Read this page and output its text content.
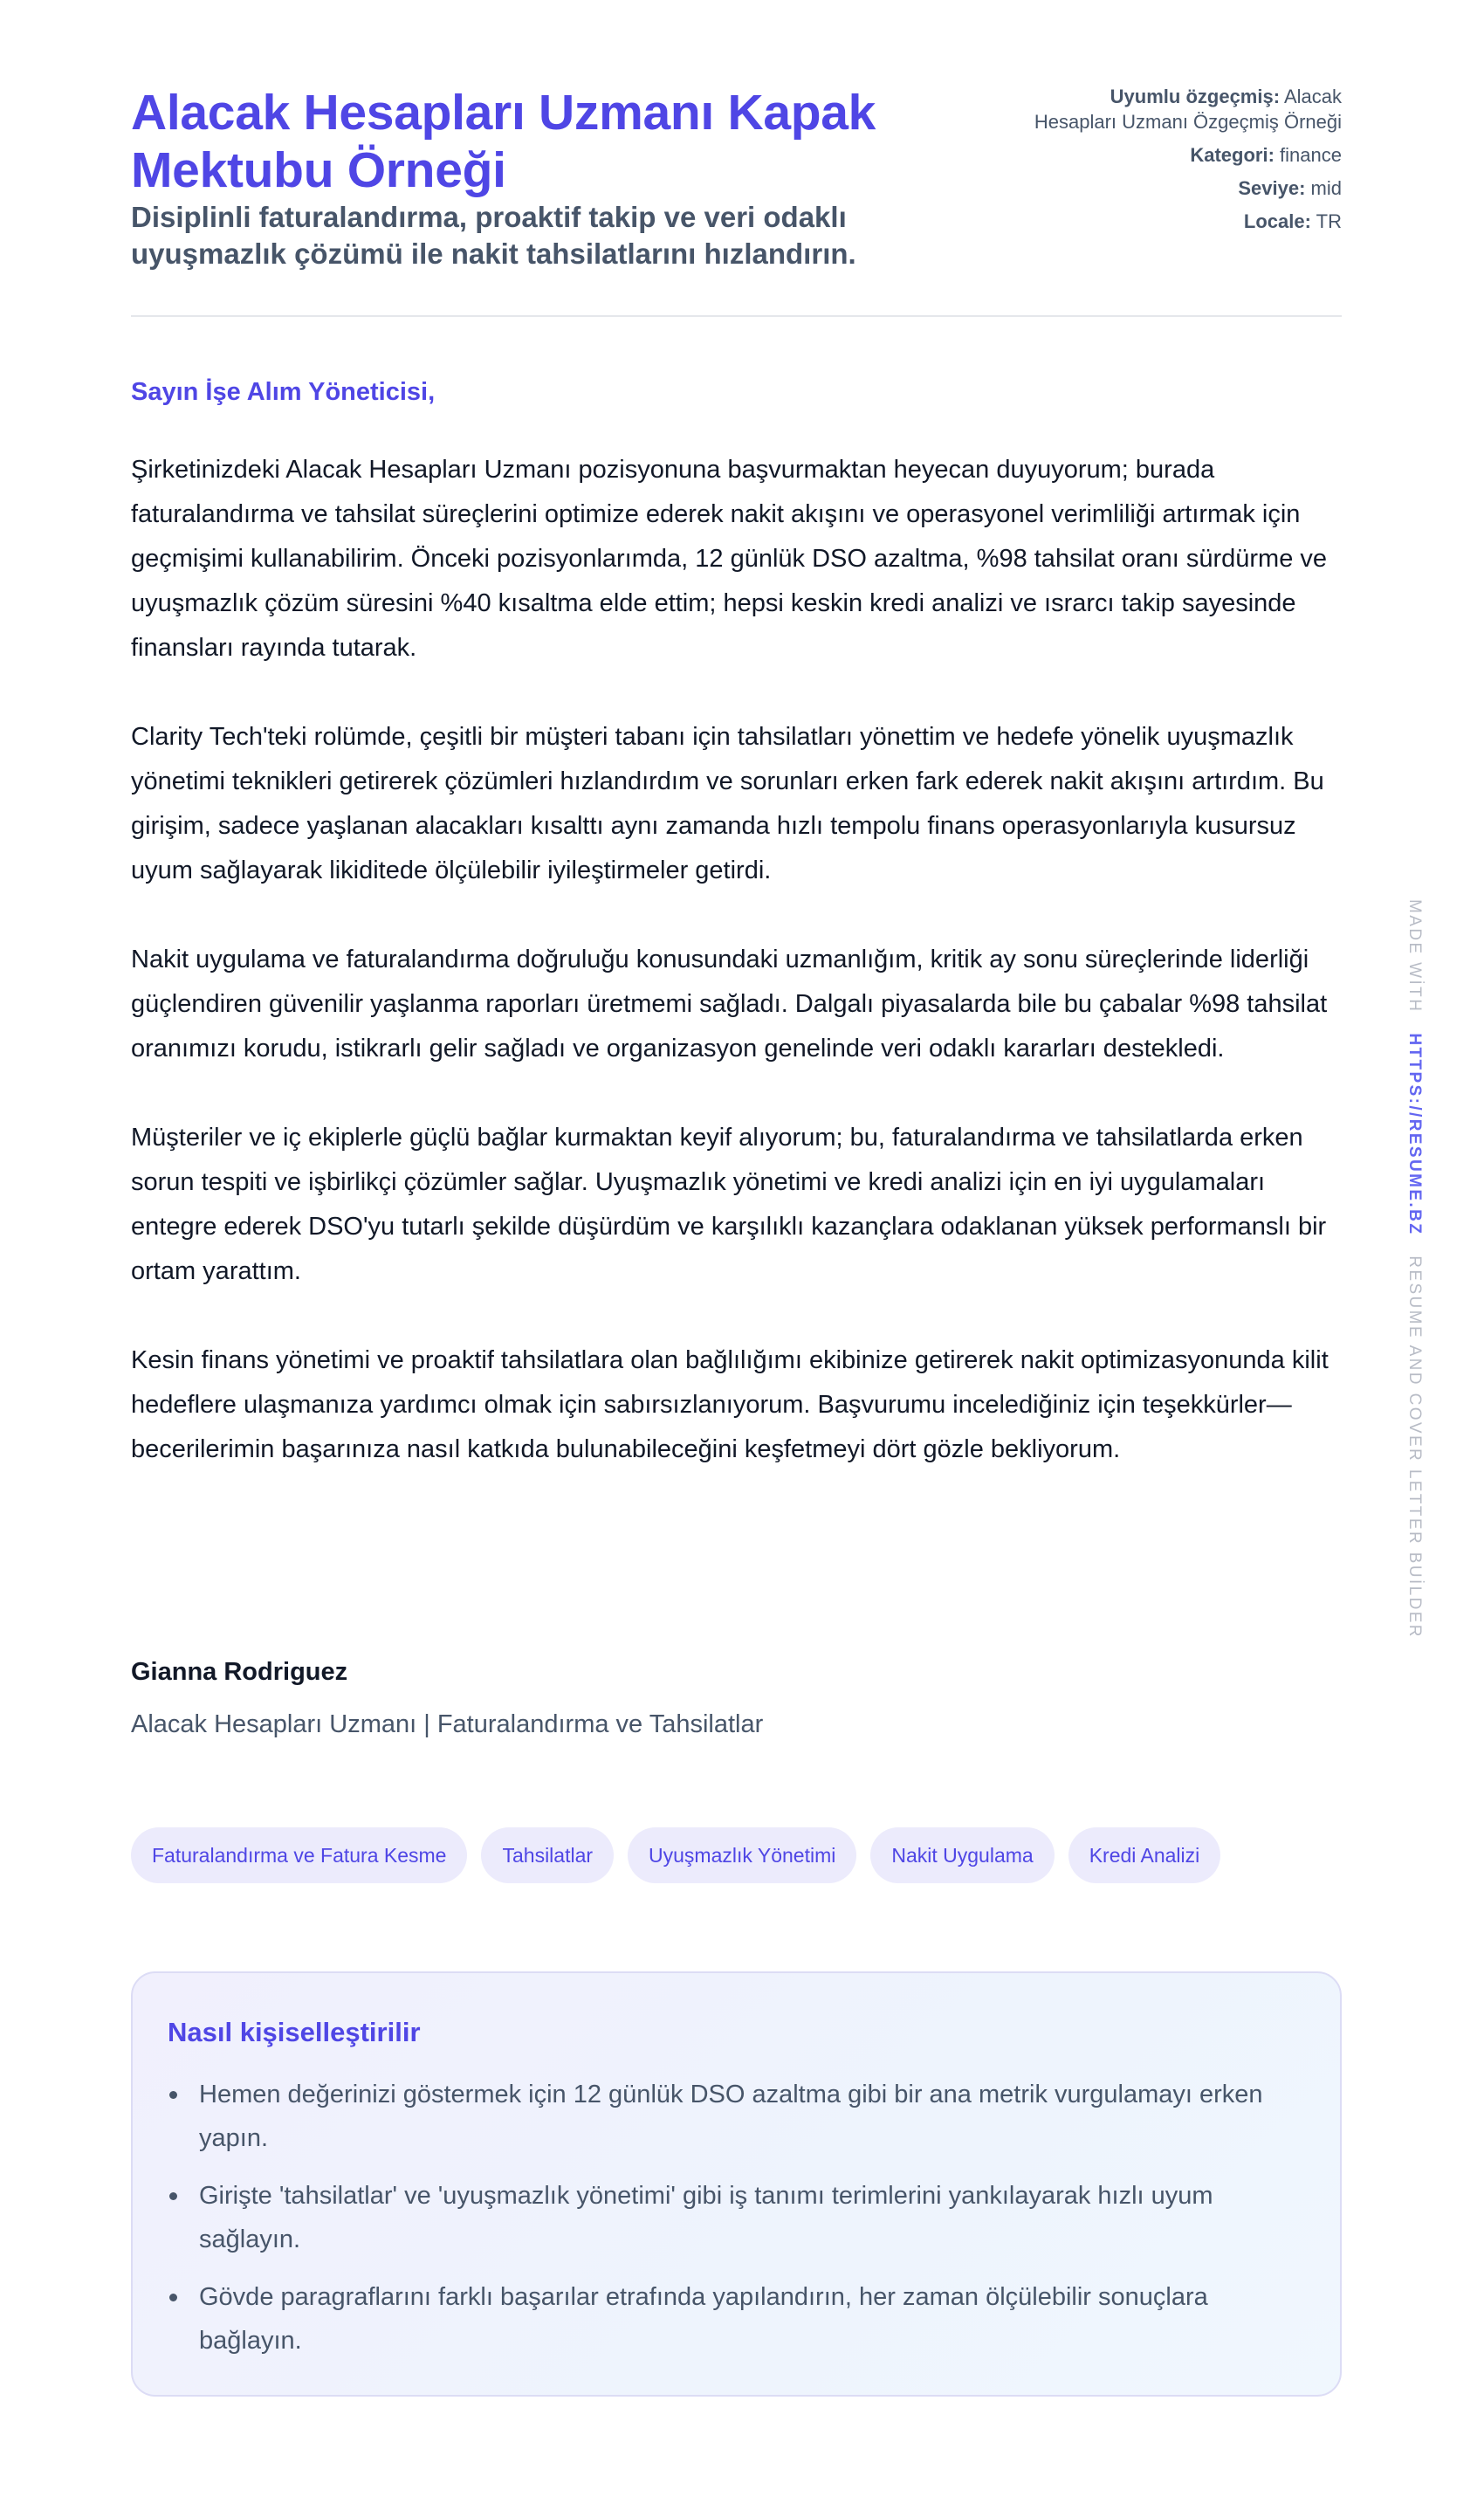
Alacak Hesapları Uzmanı Kapak Mektubu Örneği
Disiplinli faturalandırma, proaktif takip ve veri odaklı uyuşmazlık çözümü ile nakit tahsilatlarını hızlandırın.
Uyumlu özgeçmiş: Alacak Hesapları Uzmanı Özgeçmiş Örneği
Kategori: finance
Seviye: mid
Locale: TR
Sayın İşe Alım Yöneticisi,

Şirketinizdeki Alacak Hesapları Uzmanı pozisyonuna başvurmaktan heyecan duyuyorum; burada faturalandırma ve tahsilat süreçlerini optimize ederek nakit akışını ve operasyonel verimliliği artırmak için geçmişimi kullanabilirim. Önceki pozisyonlarımda, 12 günlük DSO azaltma, %98 tahsilat oranı sürdürme ve uyuşmazlık çözüm süresini %40 kısaltma elde ettim; hepsi keskin kredi analizi ve ısrarcı takip sayesinde finansları rayında tutarak.

Clarity Tech'teki rolümde, çeşitli bir müşteri tabanı için tahsilatları yönettim ve hedefe yönelik uyuşmazlık yönetimi teknikleri getirerek çözümleri hızlandırdım ve sorunları erken fark ederek nakit akışını artırdım. Bu girişim, sadece yaşlanan alacakları kısalttı aynı zamanda hızlı tempolu finans operasyonlarıyla kusursuz uyum sağlayarak likiditede ölçülebilir iyileştirmeler getirdi.

Nakit uygulama ve faturalandırma doğruluğu konusundaki uzmanlığım, kritik ay sonu süreçlerinde liderliği güçlendiren güvenilir yaşlanma raporları üretmemi sağladı. Dalgalı piyasalarda bile bu çabalar %98 tahsilat oranımızı korudu, istikrarlı gelir sağladı ve organizasyon genelinde veri odaklı kararları destekledi.

Müşteriler ve iç ekiplerle güçlü bağlar kurmaktan keyif alıyorum; bu, faturalandırma ve tahsilatlarda erken sorun tespiti ve işbirlikçi çözümler sağlar. Uyuşmazlık yönetimi ve kredi analizi için en iyi uygulamaları entegre ederek DSO'yu tutarlı şekilde düşürdüm ve karşılıklı kazançlara odaklanan yüksek performanslı bir ortam yarattım.

Kesin finans yönetimi ve proaktif tahsilatlara olan bağlılığımı ekibinize getirerek nakit optimizasyonunda kilit hedeflere ulaşmanıza yardımcı olmak için sabırsızlanıyorum. Başvurumu incelediğiniz için teşekkürler—becerilerimin başarınıza nasıl katkıda bulunabileceğini keşfetmeyi dört gözle bekliyorum.

Gianna Rodriguez
Alacak Hesapları Uzmanı | Faturalandırma ve Tahsilatlar
Faturalandırma ve Fatura Kesme	Tahsilatlar	Uyuşmazlık Yönetimi	Nakit Uygulama	Kredi Analizi
Nasıl kişiselleştirilir
Hemen değerinizi göstermek için 12 günlük DSO azaltma gibi bir ana metrik vurgulamayı erken yapın.
Girişte 'tahsilatlar' ve 'uyuşmazlık yönetimi' gibi iş tanımı terimlerini yankılayarak hızlı uyum sağlayın.
Gövde paragraflarını farklı başarılar etrafında yapılandırın, her zaman ölçülebilir sonuçlara bağlayın.
MADE WİTH   HTTPS://RESUME.BZ   RESUME AND COVER LETTER BUİLDER
